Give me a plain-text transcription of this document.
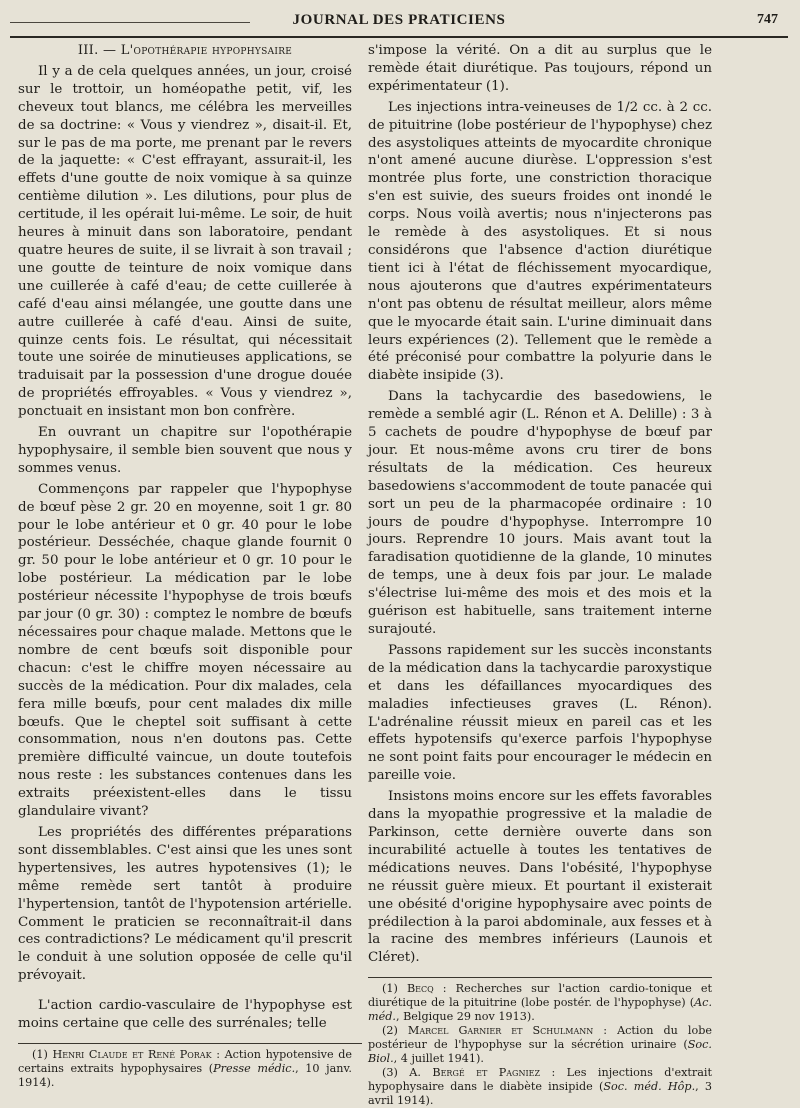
JOURNAL DES PRATICIENS	747

III. — L'opothérapie hypophysaire

Il y a de cela quelques années, un jour, croisé sur le trottoir, un homéopathe petit, vif, les cheveux tout blancs, me célébra les merveilles de sa doctrine: « Vous y viendrez », disait-il. Et, sur le pas de ma porte, me prenant par le revers de la jaquette: « C'est effrayant, assurait-il, les effets d'une goutte de noix vomique à sa quinze centième dilution ». Les dilutions, pour plus de certitude, il les opérait lui-même. Le soir, de huit heures à minuit dans son laboratoire, pendant quatre heures de suite, il se livrait à son travail ; une goutte de teinture de noix vomique dans une cuillerée à café d'eau; de cette cuillerée à café d'eau ainsi mélangée, une goutte dans une autre cuillerée à café d'eau. Ainsi de suite, quinze cents fois. Le résultat, qui nécessitait toute une soirée de minutieuses applications, se traduisait par la possession d'une drogue douée de propriétés effroyables. « Vous y viendrez », ponctuait en insistant mon bon confrère.

En ouvrant un chapitre sur l'opothérapie hypophysaire, il semble bien souvent que nous y sommes venus.

Commençons par rappeler que l'hypophyse de bœuf pèse 2 gr. 20 en moyenne, soit 1 gr. 80 pour le lobe antérieur et 0 gr. 40 pour le lobe postérieur. Desséchée, chaque glande fournit 0 gr. 50 pour le lobe antérieur et 0 gr. 10 pour le lobe postérieur. La médication par le lobe postérieur nécessite l'hypophyse de trois bœufs par jour (0 gr. 30) : comptez le nombre de bœufs nécessaires pour chaque malade. Mettons que le nombre de cent bœufs soit disponible pour chacun: c'est le chiffre moyen nécessaire au succès de la médication. Pour dix malades, cela fera mille bœufs, pour cent malades dix mille bœufs. Que le cheptel soit suffisant à cette consommation, nous n'en doutons pas. Cette première difficulté vaincue, un doute toutefois nous reste : les substances contenues dans les extraits préexistent-elles dans le tissu glandulaire vivant?

Les propriétés des différentes préparations sont dissemblables. C'est ainsi que les unes sont hypertensives, les autres hypotensives (1); le même remède sert tantôt à produire l'hypertension, tantôt de l'hypotension artérielle. Comment le praticien se reconnaîtrait-il dans ces contradictions? Le médicament qu'il prescrit le conduit à une solution opposée de celle qu'il prévoyait.

L'action cardio-vasculaire de l'hypophyse est moins certaine que celle des surrénales; telle

(1) Henri Claude et René Porak : Action hypotensive de certains extraits hypophysaires (Presse médic., 10 janv. 1914).

s'impose la vérité. On a dit au surplus que le remède était diurétique. Pas toujours, répond un expérimentateur (1).

Les injections intra-veineuses de 1/2 cc. à 2 cc. de pituitrine (lobe postérieur de l'hypophyse) chez des asystoliques atteints de myocardite chronique n'ont amené aucune diurèse. L'oppression s'est montrée plus forte, une constriction thoracique s'en est suivie, des sueurs froides ont inondé le corps. Nous voilà avertis; nous n'injecterons pas le remède à des asystoliques. Et si nous considérons que l'absence d'action diurétique tient ici à l'état de fléchissement myocardique, nous ajouterons que d'autres expérimentateurs n'ont pas obtenu de résultat meilleur, alors même que le myocarde était sain. L'urine diminuait dans leurs expériences (2). Tellement que le remède a été préconisé pour combattre la polyurie dans le diabète insipide (3).

Dans la tachycardie des basedowiens, le remède a semblé agir (L. Rénon et A. Delille) : 3 à 5 cachets de poudre d'hypophyse de bœuf par jour. Et nous-même avons cru tirer de bons résultats de la médication. Ces heureux basedowiens s'accommodent de toute panacée qui sort un peu de la pharmacopée ordinaire : 10 jours de poudre d'hypophyse. Interrompre 10 jours. Reprendre 10 jours. Mais avant tout la faradisation quotidienne de la glande, 10 minutes de temps, une à deux fois par jour. Le malade s'électrise lui-même des mois et des mois et la guérison est habituelle, sans traitement interne surajouté.

Passons rapidement sur les succès inconstants de la médication dans la tachycardie paroxystique et dans les défaillances myocardiques des maladies infectieuses graves (L. Rénon). L'adrénaline réussit mieux en pareil cas et les effets hypotensifs qu'exerce parfois l'hypophyse ne sont point faits pour encourager le médecin en pareille voie.

Insistons moins encore sur les effets favorables dans la myopathie progressive et la maladie de Parkinson, cette dernière ouverte dans son incurabilité actuelle à toutes les tentatives de médications neuves. Dans l'obésité, l'hypophyse ne réussit guère mieux. Et pourtant il existerait une obésité d'origine hypophysaire avec points de prédilection à la paroi abdominale, aux fesses et à la racine des membres inférieurs (Launois et Cléret).

(1) Becq : Recherches sur l'action cardio-tonique et diurétique de la pituitrine (lobe postér. de l'hypophyse) (Ac. méd., Belgique 29 nov 1913).

(2) Marcel Garnier et Schulmann : Action du lobe postérieur de l'hypophyse sur la sécrétion urinaire (Soc. Biol., 4 juillet 1941).

(3) A. Bergé et Pagniez : Les injections d'extrait hypophysaire dans le diabète insipide (Soc. méd. Hôp., 3 avril 1914).
